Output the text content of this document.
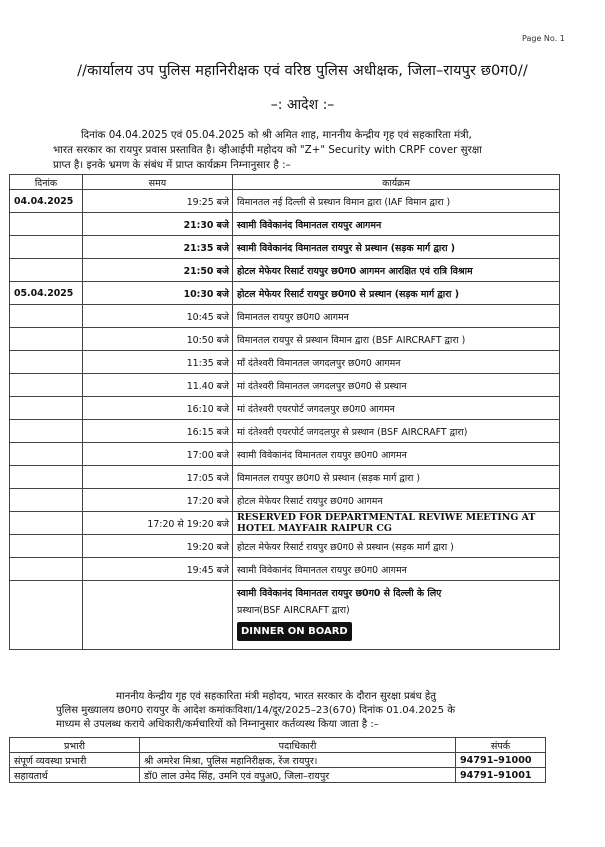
Page No. 1
//कार्यालय उप पुलिस महानिरीक्षक एवं वरिष्ठ पुलिस अधीक्षक, जिला–रायपुर छ0ग0//
–: आदेश :–
दिनांक 04.04.2025 एवं 05.04.2025 को श्री अमित शाह, माननीय केन्द्रीय गृह एवं सहकारिता मंत्री,
भारत सरकार का रायपुर प्रवास प्रस्तावित है। व्हीआईपी महोदय को "Z+" Security with CRPF cover सुरक्षा
प्राप्त है। इनके भ्रमण के संबंध में प्राप्त कार्यक्रम निम्नानुसार है :–
दिनांक	समय	कार्यक्रम
04.04.2025	19:25 बजे	विमानतल नई दिल्ली से प्रस्थान विमान द्वारा (IAF विमान द्वारा )
	21:30 बजे	स्वामी विवेकानंद विमानतल रायपुर आगमन
	21:35 बजे	स्वामी विवेकानंद विमानतल रायपुर से प्रस्थान (सड़क मार्ग द्वारा )
	21:50 बजे	होटल मेफेयर रिसार्ट रायपुर छ0ग0 आगमन आरक्षित एवं रात्रि विश्राम
05.04.2025	10:30 बजे	होटल मेफेयर रिसार्ट रायपुर छ0ग0 से प्रस्थान (सड़क मार्ग द्वारा )
	10:45 बजे	विमानतल रायपुर छ0ग0 आगमन
	10:50 बजे	विमानतल रायपुर से प्रस्थान विमान द्वारा (BSF AIRCRAFT द्वारा )
	11:35 बजे	माँ दंतेश्वरी विमानतल जगदलपुर छ0ग0 आगमन
	11.40 बजे	मां दंतेश्वरी विमानतल जगदलपुर छ0ग0 से प्रस्थान
	16:10 बजे	मां दंतेश्वरी एयरपोर्ट जगदलपुर छ0ग0 आगमन
	16:15 बजे	मां दंतेश्वरी एयरपोर्ट जगदलपुर से प्रस्थान (BSF AIRCRAFT द्वारा)
	17:00 बजे	स्वामी विवेकानंद विमानतल रायपुर छ0ग0 आगमन
	17:05 बजे	विमानतल रायपुर छ0ग0 से प्रस्थान (सड़क मार्ग द्वारा )
	17:20 बजे	होटल मेफेयर रिसार्ट रायपुर छ0ग0 आगमन
	17:20 से 19:20 बजे	RESERVED FOR DEPARTMENTAL REVIWE MEETING AT
HOTEL MAYFAIR RAIPUR CG

	19:20 बजे	होटल मेफेयर रिसार्ट रायपुर छ0ग0 से प्रस्थान (सड़क मार्ग द्वारा )
	19:45 बजे	स्वामी विवेकानंद विमानतल रायपुर छ0ग0 आगमन

		स्वामी विवेकानंद विमानतल रायपुर छ0ग0 से दिल्ली के लिए
प्रस्थान(BSF AIRCRAFT द्वारा)
DINNER ON BOARD
माननीय केन्द्रीय गृह एवं सहकारिता मंत्री महोदय, भारत सरकार के दौरान सुरक्षा प्रबंध हेतु
पुलिस मुख्यालय छ0ग0 रायपुर के आदेश कमांकःविशा/14/दूर/2025–23(670) दिनांक 01.04.2025 के
माध्यम से उपलब्ध कराये अधिकारी/कर्मचारियों को निम्नानुसार कर्तव्यस्थ किया जाता है :–
प्रभारी	पदाधिकारी	संपर्क
संपूर्ण व्यवस्था प्रभारी	श्री अमरेश मिश्रा, पुलिस महानिरीक्षक, रेंज रायपुर।	94791–91000
सहायतार्थ	डॉ0 लाल उमेद सिंह, उमनि एवं वपुअ0, जिला–रायपुर	94791–91001
